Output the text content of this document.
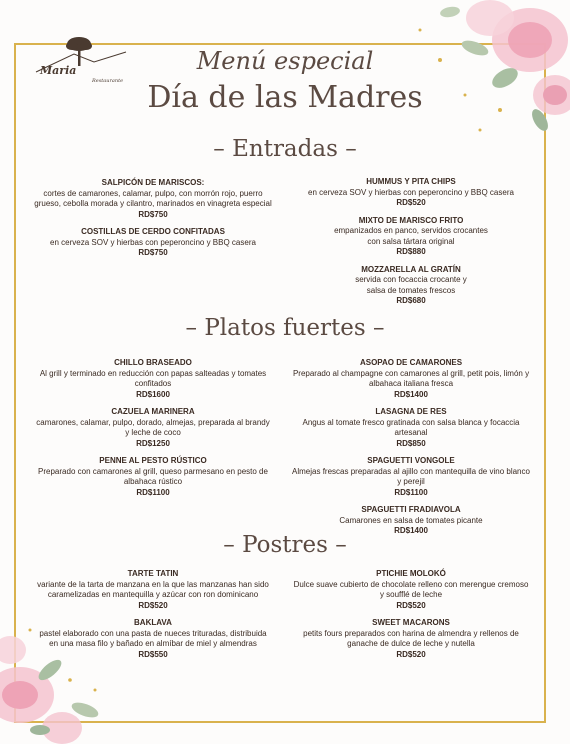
Maria
Restaurante
Menú especial
Día de las Madres
– Entradas –
SALPICÓN DE MARISCOS:
cortes de camarones, calamar, pulpo, con morrón rojo, puerro grueso, cebolla morada y cilantro, marinados en vinagreta especial
RD$750
COSTILLAS DE CERDO CONFITADAS
en cerveza SOV y hierbas con peperoncino y BBQ casera
RD$750
HUMMUS Y PITA CHIPS
en cerveza SOV y hierbas con peperoncino y BBQ casera
RD$520
MIXTO DE MARISCO FRITO
empanizados en panco, servidos crocantes con salsa tártara original
RD$880
MOZZARELLA AL GRATÍN
servida con focaccia crocante y salsa de tomates frescos
RD$680
– Platos fuertes –
CHILLO BRASEADO
Al grill y terminado en reducción con papas salteadas y tomates confitados
RD$1600
CAZUELA MARINERA
camarones, calamar, pulpo, dorado, almejas, preparada al brandy y leche de coco
RD$1250
PENNE AL PESTO RÚSTICO
Preparado con camarones al grill, queso parmesano en pesto de albahaca rústico
RD$1100
ASOPAO DE CAMARONES
Preparado al champagne con camarones al grill, petit pois, limón y albahaca italiana fresca
RD$1400
LASAGNA DE RES
Angus al tomate fresco gratinada con salsa blanca y focaccia artesanal
RD$850
SPAGUETTI VONGOLE
Almejas frescas preparadas al ajillo con mantequilla de vino blanco y perejil
RD$1100
SPAGUETTI FRADIAVOLA
Camarones en salsa de tomates picante
RD$1400
– Postres –
TARTE TATIN
variante de la tarta de manzana en la que las manzanas han sido caramelizadas en mantequilla y azúcar con ron dominicano
RD$520
BAKLAVA
pastel elaborado con una pasta de nueces trituradas, distribuida en una masa filo y bañado en almíbar de miel y almendras
RD$550
PTICHIE MOLOKÓ
Dulce suave cubierto de chocolate relleno con merengue cremoso y soufflé de leche
RD$520
SWEET MACARONS
petits fours preparados con harina de almendra y rellenos de ganache de dulce de leche y nutella
RD$520
